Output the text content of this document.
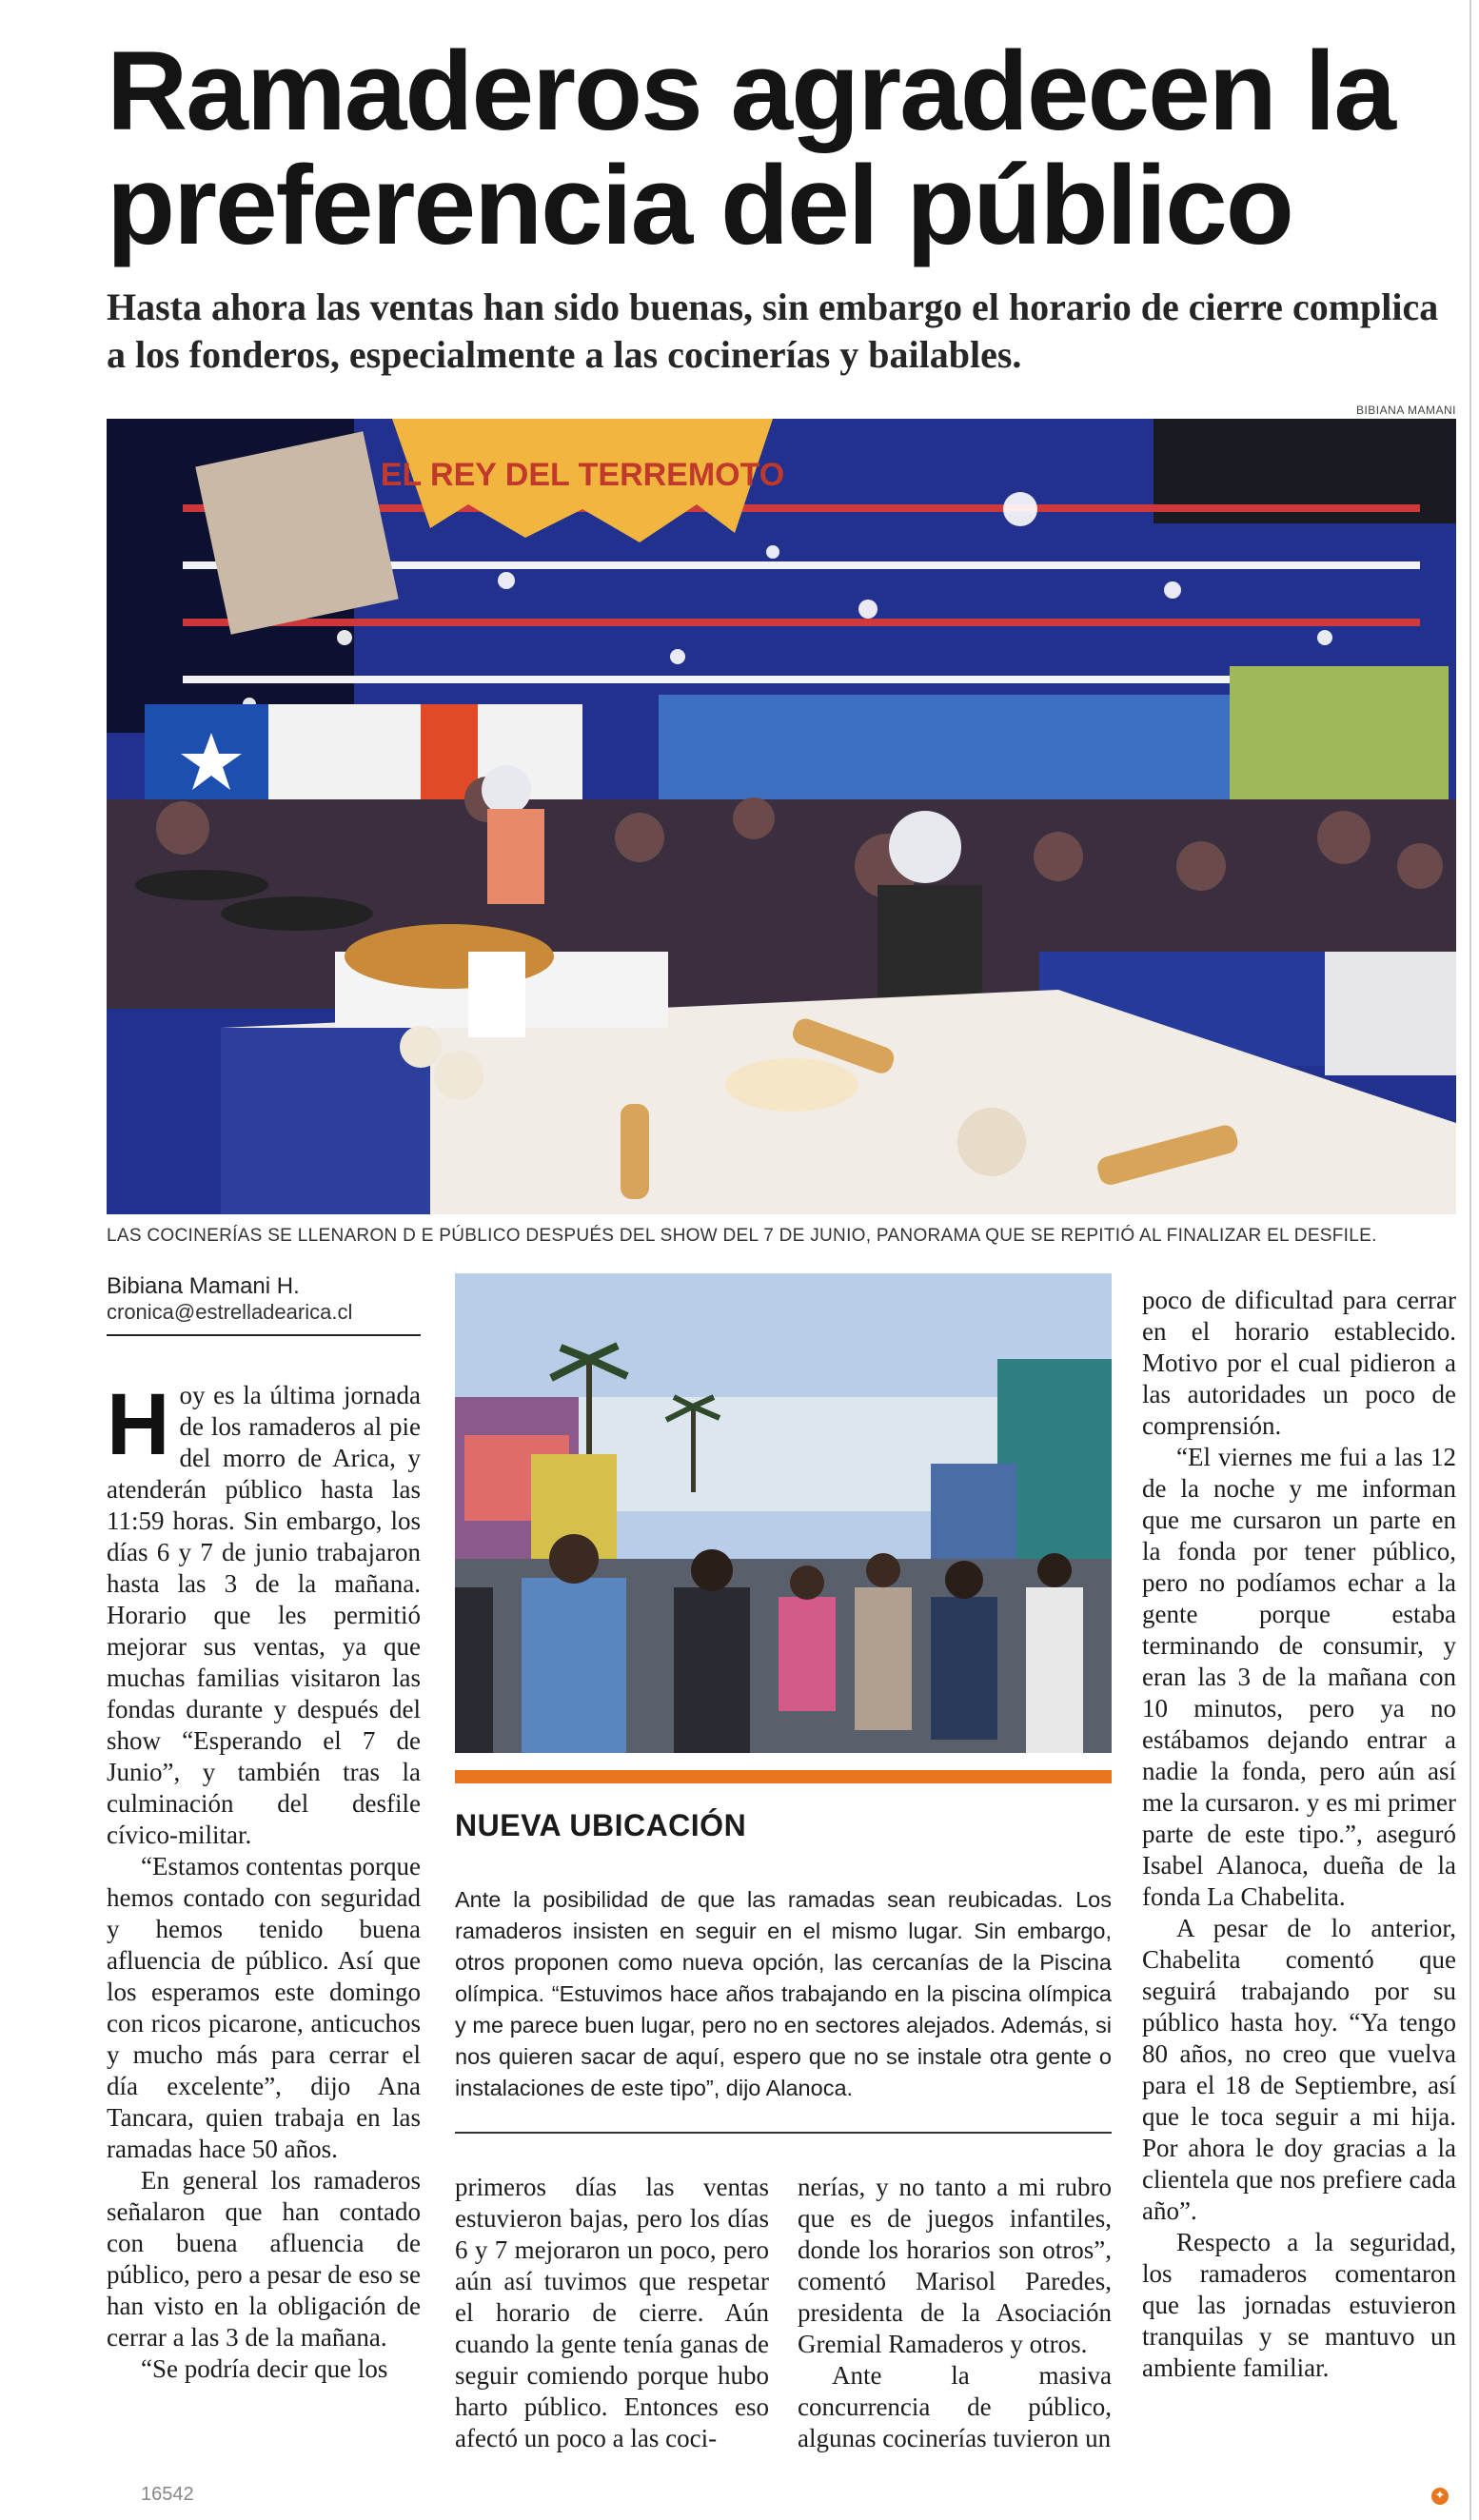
Ramaderos agradecen la preferencia del público
Hasta ahora las ventas han sido buenas, sin embargo el horario de cierre complica a los fonderos, especialmente a las cocinerías y bailables.
BIBIANA MAMANI
EL REY DEL TERREMOTO
LAS COCINERÍAS SE LLENARON D E PÚBLICO DESPUÉS DEL SHOW DEL 7 DE JUNIO, PANORAMA QUE SE REPITIÓ AL FINALIZAR EL DESFILE.
Bibiana Mamani H.
cronica@estrelladearica.cl

Hoy es la última jornada de los ramaderos al pie del morro de Arica, y atenderán público hasta las 11:59 horas. Sin embargo, los días 6 y 7 de junio trabajaron hasta las 3 de la mañana. Horario que les permitió mejorar sus ventas, ya que muchas familias visitaron las fondas durante y después del show “Esperando el 7 de Junio”, y también tras la culminación del desfile cívico-militar.

“Estamos contentas porque hemos contado con seguridad y hemos tenido buena afluencia de público. Así que los esperamos este domingo con ricos picarone, anticuchos y mucho más para cerrar el día excelente”, dijo Ana Tancara, quien trabaja en las ramadas hace 50 años.

En general los ramaderos señalaron que han contado con buena afluencia de público, pero a pesar de eso se han visto en la obligación de cerrar a las 3 de la mañana.

“Se podría decir que los

NUEVA UBICACIÓN
Ante la posibilidad de que las ramadas sean reubicadas. Los ramaderos insisten en seguir en el mismo lugar. Sin embargo, otros proponen como nueva opción, las cercanías de la Piscina olímpica. “Estuvimos hace años trabajando en la piscina olímpica y me parece buen lugar, pero no en sectores alejados. Además, si nos quieren sacar de aquí, espero que no se instale otra gente o instalaciones de este tipo”, dijo Alanoca.

primeros días las ventas estuvieron bajas, pero los días 6 y 7 mejoraron un poco, pero aún así tuvimos que respetar el horario de cierre. Aún cuando la gente tenía ganas de seguir comiendo porque hubo harto público. Entonces eso afectó un poco a las coci-

nerías, y no tanto a mi rubro que es de juegos infantiles, donde los horarios son otros”, comentó Marisol Paredes, presidenta de la Asociación Gremial Ramaderos y otros.

Ante la masiva concurrencia de público, algunas cocinerías tuvieron un

poco de dificultad para cerrar en el horario establecido. Motivo por el cual pidieron a las autoridades un poco de comprensión.

“El viernes me fui a las 12 de la noche y me informan que me cursaron un parte en la fonda por tener público, pero no podíamos echar a la gente porque estaba terminando de consumir, y eran las 3 de la mañana con 10 minutos, pero ya no estábamos dejando entrar a nadie la fonda, pero aún así me la cursaron. y es mi primer parte de este tipo.”, aseguró Isabel Alanoca, dueña de la fonda La Chabelita.

A pesar de lo anterior, Chabelita comentó que seguirá trabajando por su público hasta hoy. “Ya tengo 80 años, no creo que vuelva para el 18 de Septiembre, así que le toca seguir a mi hija. Por ahora le doy gracias a la clientela que nos prefiere cada año”.

Respecto a la seguridad, los ramaderos comentaron que las jornadas estuvieron tranquilas y se mantuvo un ambiente familiar.

16542	✦
